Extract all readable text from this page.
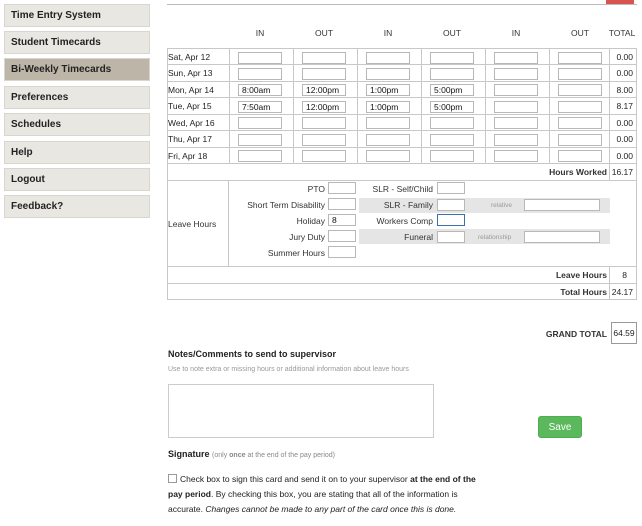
Time Entry System
Student Timecards
Bi-Weekly Timecards
Preferences
Schedules
Help
Logout
Feedback?
IN	OUT	IN	OUT	IN	OUT	TOTAL
Sat, Apr 12	0.00
Sun, Apr 13	0.00
Mon, Apr 14	8:00am	12:00pm	1:00pm	5:00pm	8.00
Tue, Apr 15	7:50am	12:00pm	1:00pm	5:00pm	8.17
Wed, Apr 16	0.00
Thu, Apr 17	0.00
Fri, Apr 18	0.00
Hours Worked 16.17
Leave Hours
PTO
Short Term Disability
Holiday 8
Jury Duty
Summer Hours
SLR - Self/Child
SLR - Family	relative
Workers Comp
Funeral	relationship
Leave Hours 8
Total Hours 24.17
GRAND TOTAL 64.59
Notes/Comments to send to supervisor
Use to note extra or missing hours or additional information about leave hours
Save
Signature (only once at the end of the pay period)
Check box to sign this card and send it on to your supervisor at the end of the pay period. By checking this box, you are stating that all of the information is accurate. Changes cannot be made to any part of the card once this is done.
